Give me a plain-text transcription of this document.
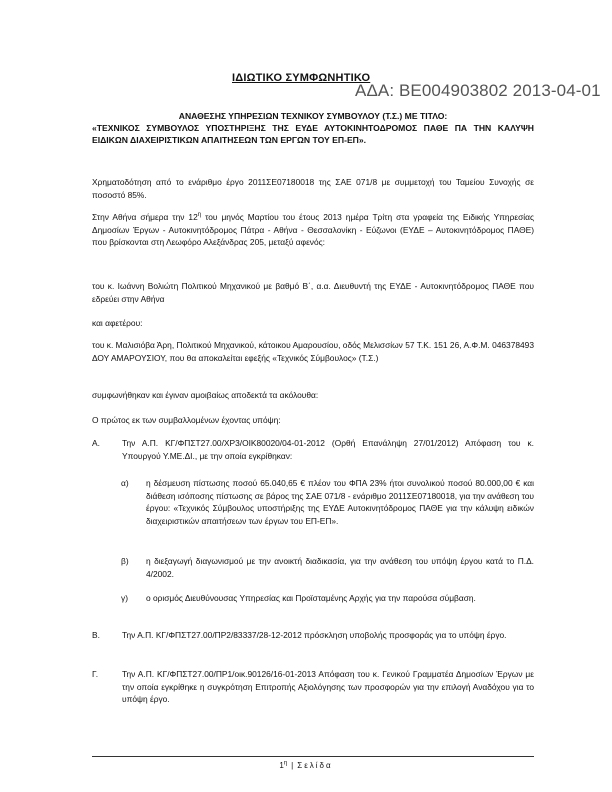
ΙΔΙΩΤΙΚΟ ΣΥΜΦΩΝΗΤΙΚΟ
ΑΔΑ: ΒΕ004903802 2013-04-01
ΑΝΑΘΕΣΗΣ ΥΠΗΡΕΣΙΩΝ ΤΕΧΝΙΚΟΥ ΣΥΜΒΟΥΛΟΥ (Τ.Σ.) ΜΕ ΤΙΤΛΟ:
«ΤΕΧΝΙΚΟΣ ΣΥΜΒΟΥΛΟΣ ΥΠΟΣΤΗΡΙΞΗΣ ΤΗΣ ΕΥΔΕ ΑΥΤΟΚΙΝΗΤΟΔΡΟΜΟΣ ΠΑΘΕ ΠΑ ΤΗΝ ΚΑΛΥΨΗ ΕΙΔΙΚΩΝ ΔΙΑΧΕΙΡΙΣΤΙΚΩΝ ΑΠΑΙΤΗΣΕΩΝ ΤΩΝ ΕΡΓΩΝ ΤΟΥ ΕΠ-ΕΠ».
Χρηματοδότηση από το ενάριθμο έργο 2011ΣΕ07180018 της ΣΑΕ 071/8 με συμμετοχή του Ταμείου Συνοχής σε ποσοστό 85%.
Στην Αθήνα σήμερα την $12^\eta$ του μηνός Μαρτίου του έτους 2013 ημέρα Τρίτη στα γραφεία της Ειδικής Υπηρεσίας Δημοσίων Έργων - Αυτοκινητόδρομος Πάτρα - Αθήνα - Θεσσαλονίκη - Εύζωνοι (ΕΥΔΕ – Αυτοκινητόδρομος ΠΑΘΕ) που βρίσκονται στη Λεωφόρο Αλεξάνδρας 205, μεταξύ αφενός:
του κ. Ιωάννη Βολιώτη Πολιτικού Μηχανικού με βαθμό Β΄, α.α. Διευθυντή της ΕΥΔΕ - Αυτοκινητόδρομος ΠΑΘΕ που εδρεύει στην Αθήνα
και αφετέρου:
του κ. Μαλισιόβα Άρη, Πολιτικού Μηχανικού, κάτοικου Αμαρουσίου, οδός Μελισσίων 57 Τ.Κ. 151 26, Α.Φ.Μ. 046378493 ΔΟΥ ΑΜΑΡΟΥΣΙΟΥ, που θα αποκαλείται εφεξής «Τεχνικός Σύμβουλος» (Τ.Σ.)
συμφωνήθηκαν και έγιναν αμοιβαίως αποδεκτά τα ακόλουθα:
Ο πρώτος εκ των συμβαλλομένων έχοντας υπόψη:
Α.	Την Α.Π. ΚΓ/ΦΠΣΤ27.00/ΧΡ3/ΟΙΚ80020/04-01-2012 (Ορθή Επανάληψη 27/01/2012) Απόφαση του κ. Υπουργού Υ.ΜΕ.ΔΙ., με την οποία εγκρίθηκαν:
α) η δέσμευση πίστωσης ποσού 65.040,65 € πλέον του ΦΠΑ 23% ήτοι συνολικού ποσού 80.000,00 € και διάθεση ισόποσης πίστωσης σε βάρος της ΣΑΕ 071/8 - ενάριθμο 2011ΣΕ07180018, για την ανάθεση του έργου: «Τεχνικός Σύμβουλος υποστήριξης της ΕΥΔΕ Αυτοκινητόδρομος ΠΑΘΕ για την κάλυψη ειδικών διαχειριστικών απαιτήσεων των έργων του ΕΠ-ΕΠ».
β) η διεξαγωγή διαγωνισμού με την ανοικτή διαδικασία, για την ανάθεση του υπόψη έργου κατά το Π.Δ. 4/2002.
γ) ο ορισμός Διευθύνουσας Υπηρεσίας και Προϊσταμένης Αρχής για την παρούσα σύμβαση.
Β.	Την Α.Π. ΚΓ/ΦΠΣΤ27.00/ΠΡ2/83337/28-12-2012 πρόσκληση υποβολής προσφοράς για το υπόψη έργο.
Γ.	Την Α.Π. ΚΓ/ΦΠΣΤ27.00/ΠΡ1/οικ.90126/16-01-2013 Απόφαση του κ. Γενικού Γραμματέα Δημοσίων Έργων με την οποία εγκρίθηκε η συγκρότηση Επιτροπής Αξιολόγησης των προσφορών για την επιλογή Αναδόχου για το υπόψη έργο.
$1^\eta$ | Σελίδα
